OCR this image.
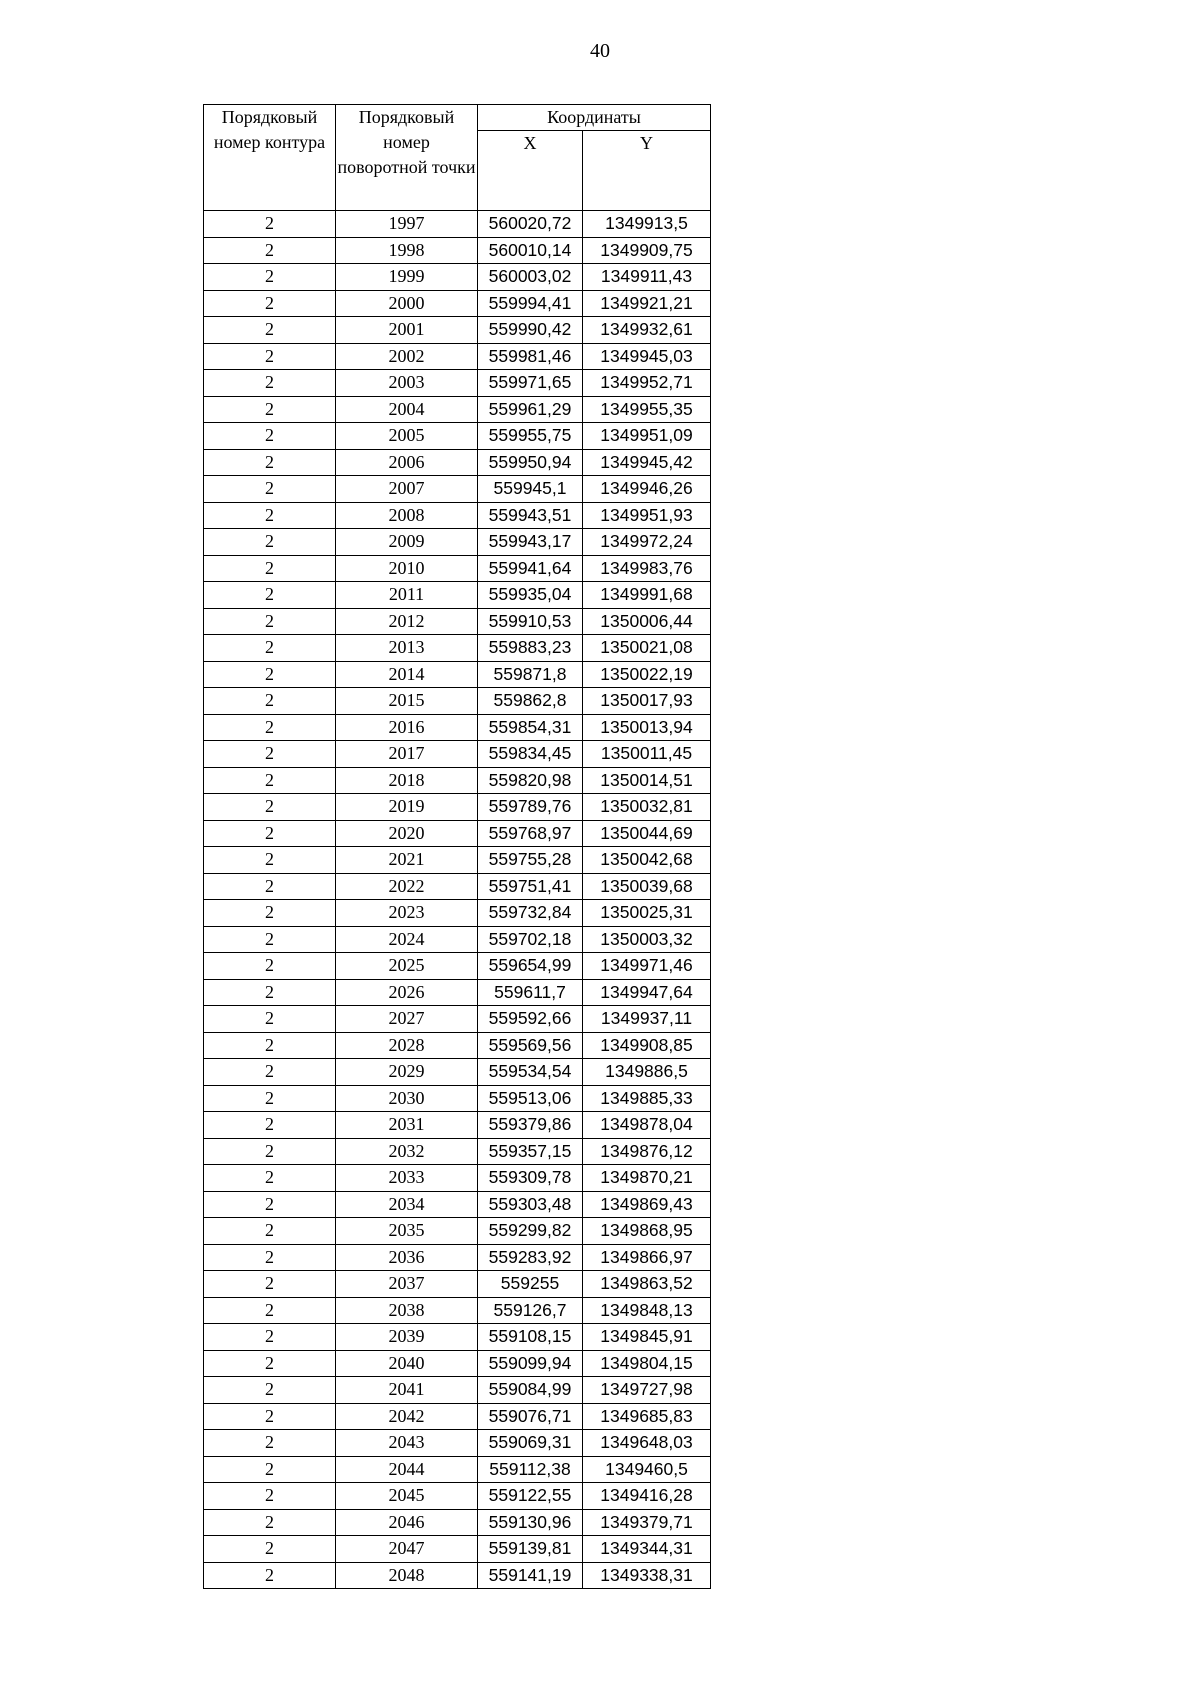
40
Порядковый номер контура	Порядковый номер поворотной точки	Координаты	
		X	Y
2	1997	560020,72	1349913,5
2	1998	560010,14	1349909,75
2	1999	560003,02	1349911,43
2	2000	559994,41	1349921,21
2	2001	559990,42	1349932,61
2	2002	559981,46	1349945,03
2	2003	559971,65	1349952,71
2	2004	559961,29	1349955,35
2	2005	559955,75	1349951,09
2	2006	559950,94	1349945,42
2	2007	559945,1	1349946,26
2	2008	559943,51	1349951,93
2	2009	559943,17	1349972,24
2	2010	559941,64	1349983,76
2	2011	559935,04	1349991,68
2	2012	559910,53	1350006,44
2	2013	559883,23	1350021,08
2	2014	559871,8	1350022,19
2	2015	559862,8	1350017,93
2	2016	559854,31	1350013,94
2	2017	559834,45	1350011,45
2	2018	559820,98	1350014,51
2	2019	559789,76	1350032,81
2	2020	559768,97	1350044,69
2	2021	559755,28	1350042,68
2	2022	559751,41	1350039,68
2	2023	559732,84	1350025,31
2	2024	559702,18	1350003,32
2	2025	559654,99	1349971,46
2	2026	559611,7	1349947,64
2	2027	559592,66	1349937,11
2	2028	559569,56	1349908,85
2	2029	559534,54	1349886,5
2	2030	559513,06	1349885,33
2	2031	559379,86	1349878,04
2	2032	559357,15	1349876,12
2	2033	559309,78	1349870,21
2	2034	559303,48	1349869,43
2	2035	559299,82	1349868,95
2	2036	559283,92	1349866,97
2	2037	559255	1349863,52
2	2038	559126,7	1349848,13
2	2039	559108,15	1349845,91
2	2040	559099,94	1349804,15
2	2041	559084,99	1349727,98
2	2042	559076,71	1349685,83
2	2043	559069,31	1349648,03
2	2044	559112,38	1349460,5
2	2045	559122,55	1349416,28
2	2046	559130,96	1349379,71
2	2047	559139,81	1349344,31
2	2048	559141,19	1349338,31
